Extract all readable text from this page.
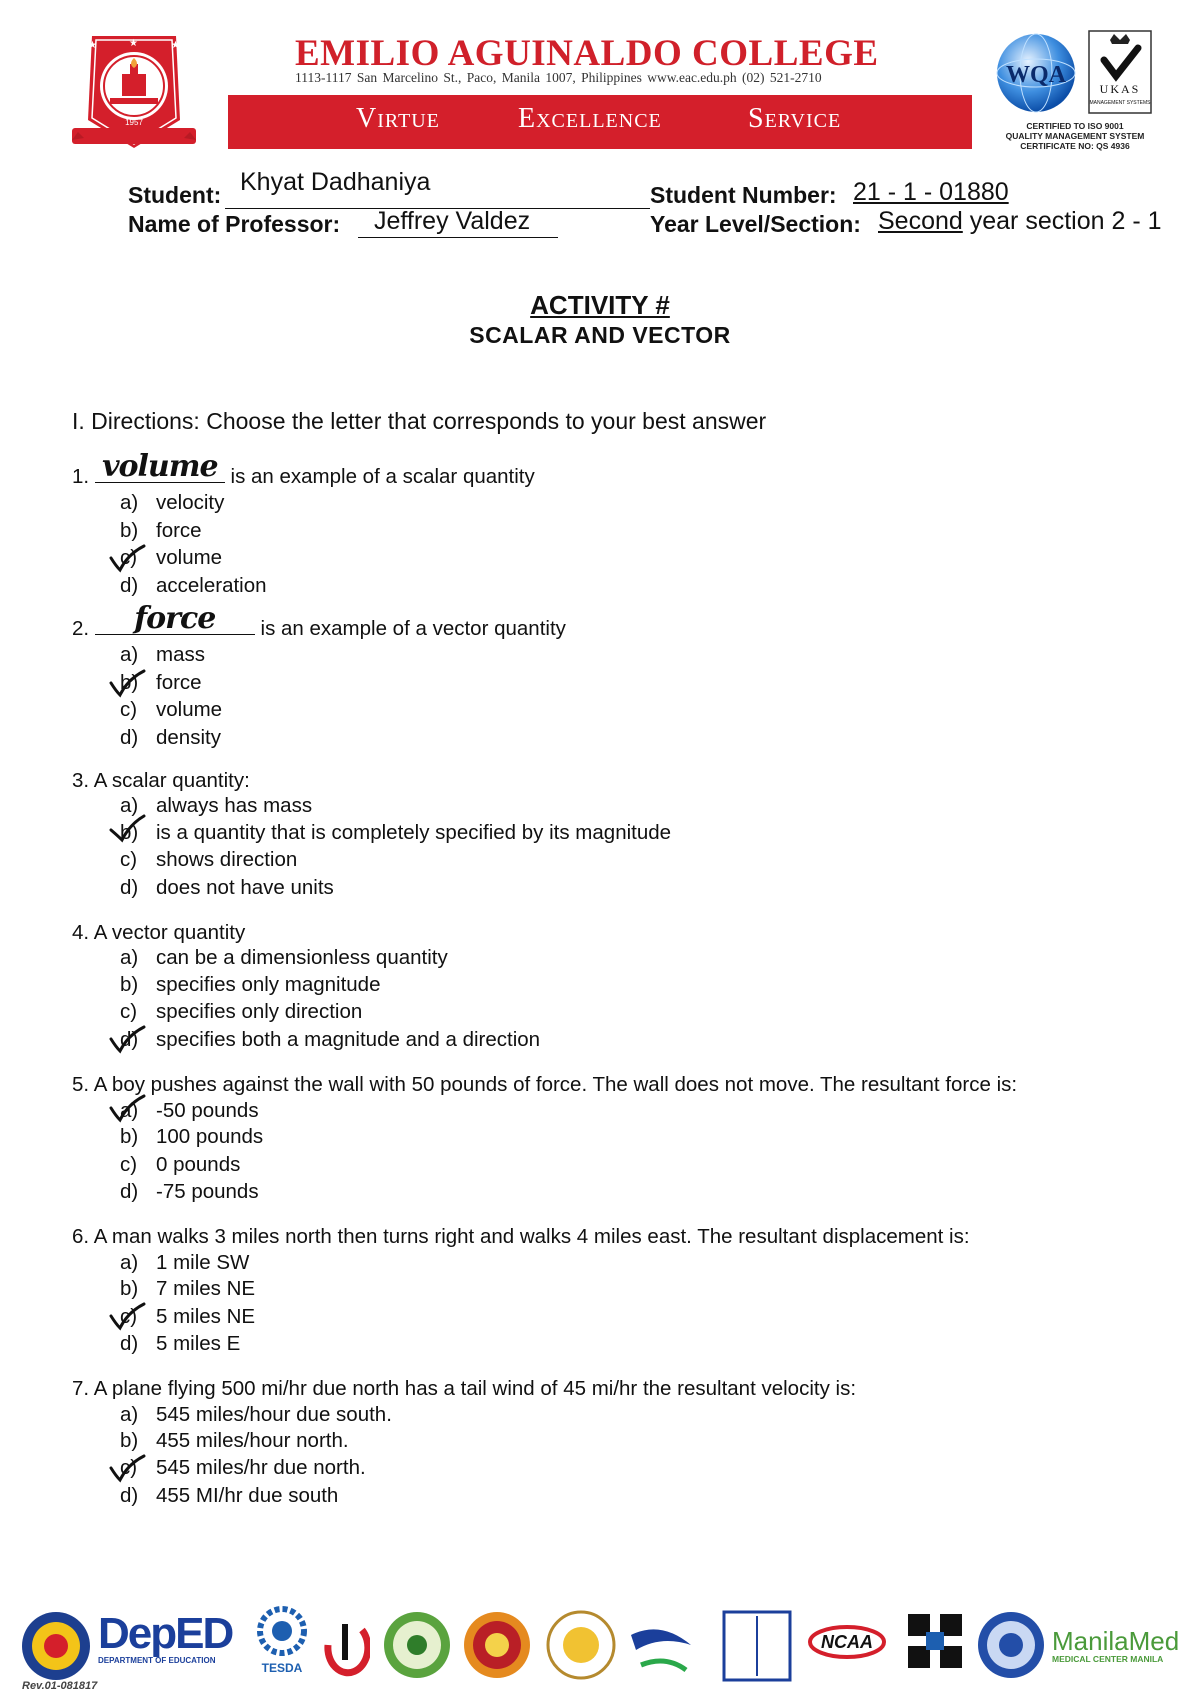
★	★
★
1957
EMILIO AGUINALDO COLLEGE
1113-1117 San Marcelino St., Paco, Manila 1007, Philippines www.eac.edu.ph (02) 521-2710
Virtue	Excellence	Service
WQA
UKAS
MANAGEMENT SYSTEMS
CERTIFIED TO ISO 9001
QUALITY MANAGEMENT SYSTEM
CERTIFICATE NO: QS 4936
Student: Khyat Dadhaniya	Student Number: 21 - 1 - 01880
Name of Professor: Jeffrey Valdez	Year Level/Section: Second year section 2 - 1
ACTIVITY #
SCALAR AND VECTOR
I. Directions: Choose the letter that corresponds to your best answer
1. volume is an example of a scalar quantity
a) velocity
b) force
c) volume
d) acceleration
2.	force	is an example of a vector quantity
a) mass
b) force
c) volume
d) density
3. A scalar quantity:
a) always has mass
b) is a quantity that is completely specified by its magnitude
c) shows direction
d) does not have units
4. A vector quantity
a) can be a dimensionless quantity
b) specifies only magnitude
c) specifies only direction
d) specifies both a magnitude and a direction
5. A boy pushes against the wall with 50 pounds of force. The wall does not move. The resultant force is:
a) -50 pounds
b) 100 pounds
c) 0 pounds
d) -75 pounds
6. A man walks 3 miles north then turns right and walks 4 miles east. The resultant displacement is:
a) 1 mile SW
b) 7 miles NE
c) 5 miles NE
d) 5 miles E
7. A plane flying 500 mi/hr due north has a tail wind of 45 mi/hr the resultant velocity is:
a) 545 miles/hour due south.
b) 455 miles/hour north.
c) 545 miles/hr due north.
d) 455 MI/hr due south
DepED
DEPARTMENT OF EDUCATION
TESDA
NCAA	ManilaMed
MEDICAL CENTER MANILA
Rev.01-081817
